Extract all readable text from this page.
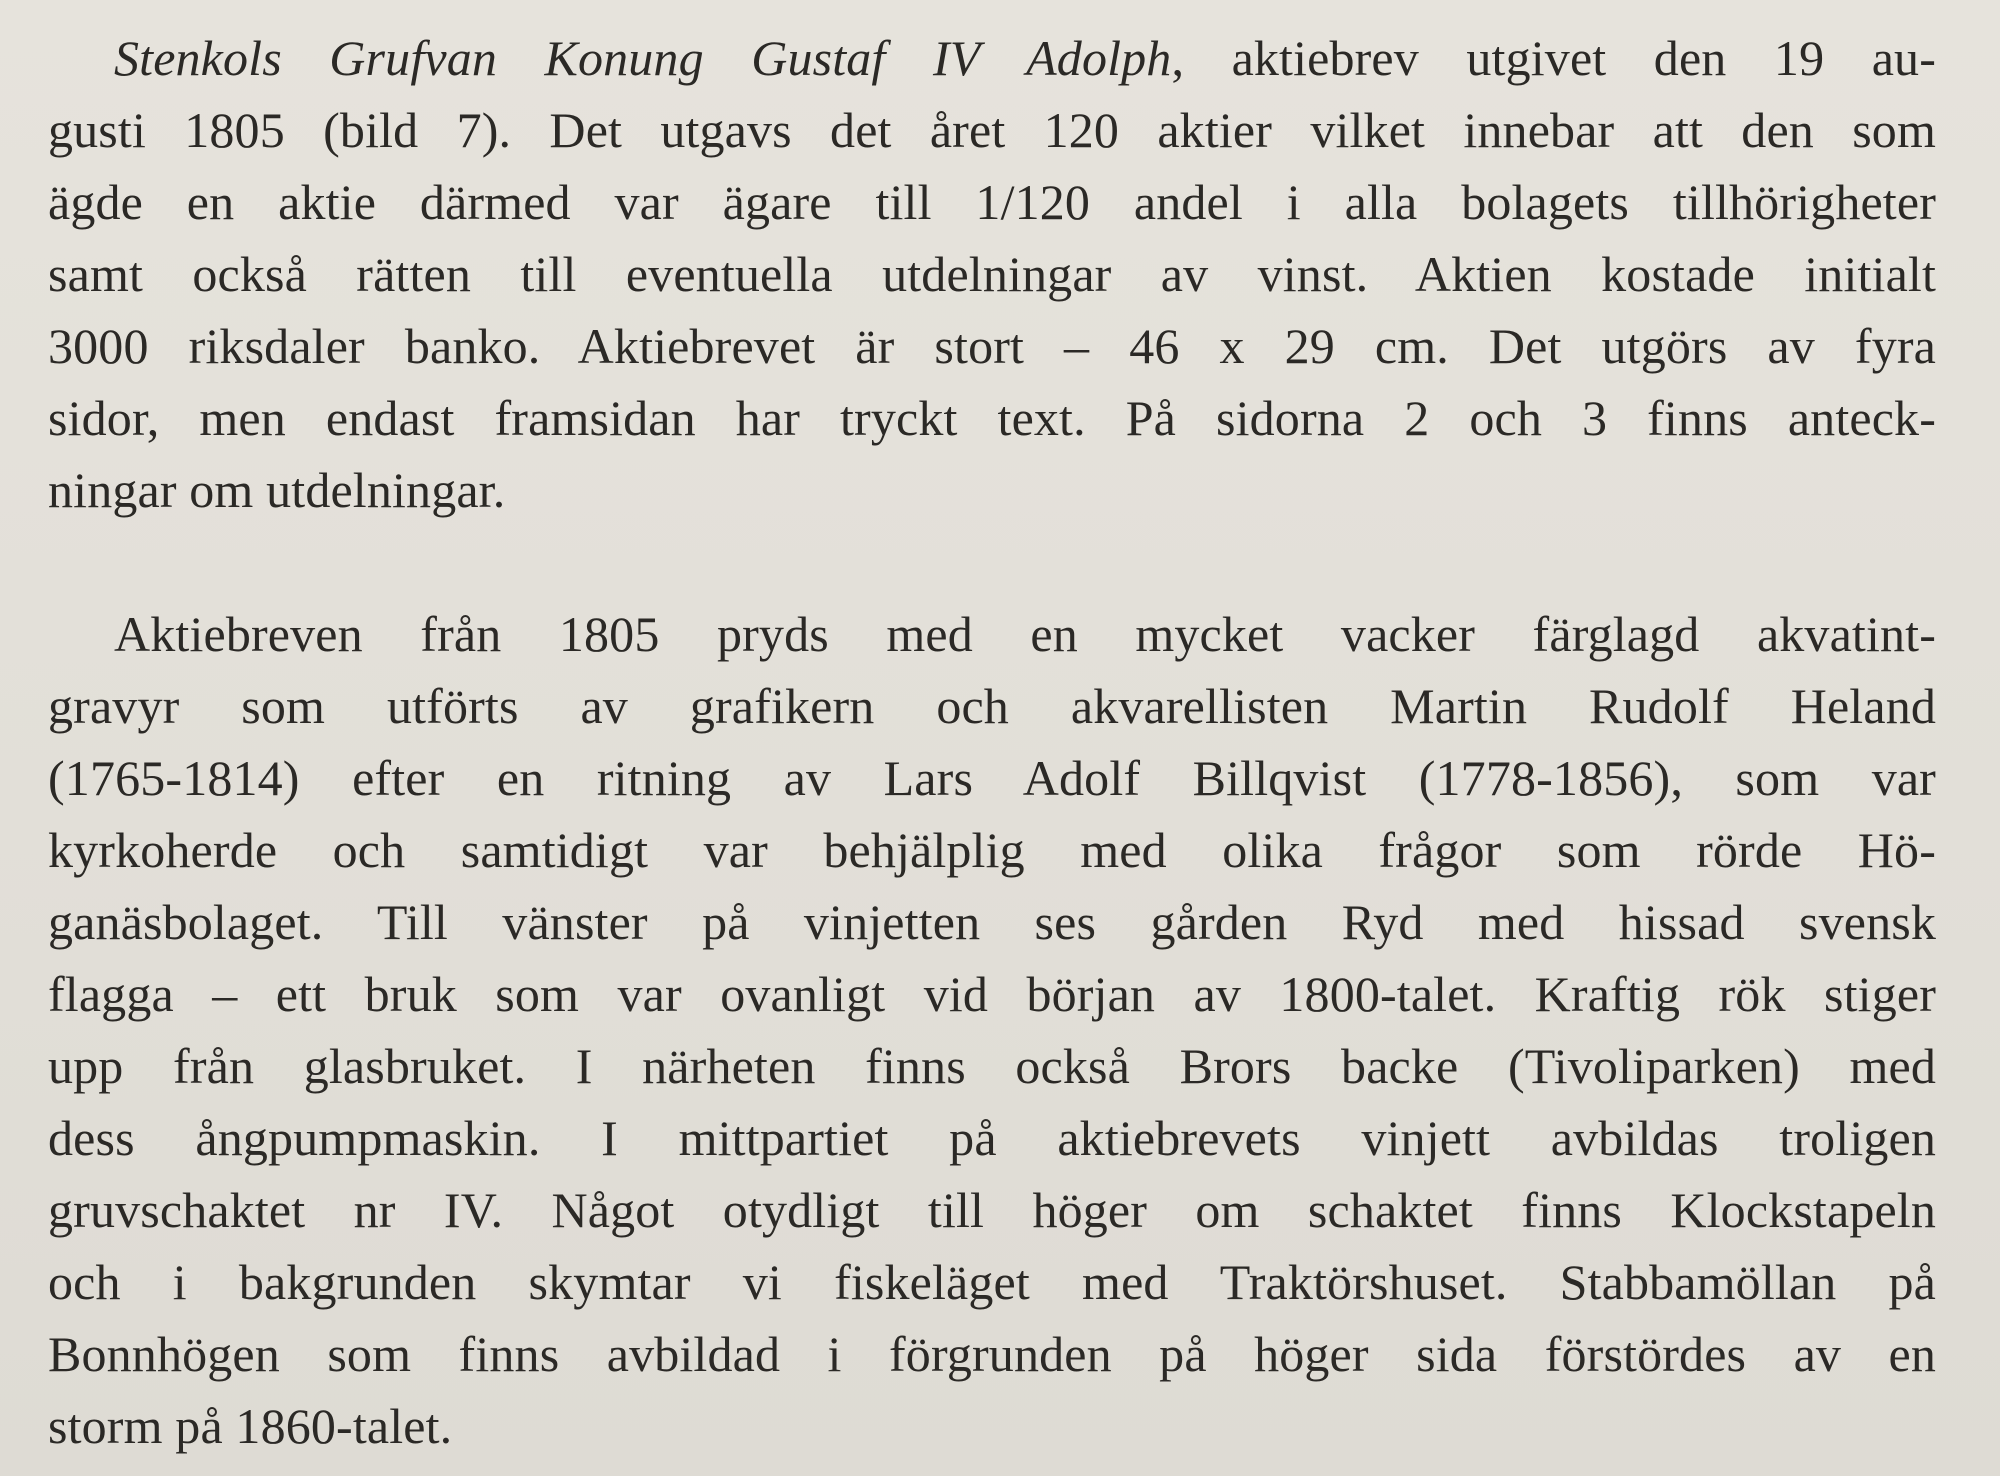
Stenkols Grufvan Konung Gustaf IV Adolph, aktiebrev utgivet den 19 au-
gusti 1805 (bild 7). Det utgavs det året 120 aktier vilket innebar att den som
ägde en aktie därmed var ägare till 1/120 andel i alla bolagets tillhörigheter
samt också rätten till eventuella utdelningar av vinst. Aktien kostade initialt
3000 riksdaler banko. Aktiebrevet är stort – 46 x 29 cm. Det utgörs av fyra
sidor, men endast framsidan har tryckt text. På sidorna 2 och 3 finns anteck-
ningar om utdelningar.
Aktiebreven från 1805 pryds med en mycket vacker färglagd akvatint-
gravyr som utförts av grafikern och akvarellisten Martin Rudolf Heland
(1765-1814) efter en ritning av Lars Adolf Billqvist (1778-1856), som var
kyrkoherde och samtidigt var behjälplig med olika frågor som rörde Hö-
ganäsbolaget. Till vänster på vinjetten ses gården Ryd med hissad svensk
flagga – ett bruk som var ovanligt vid början av 1800-talet. Kraftig rök stiger
upp från glasbruket. I närheten finns också Brors backe (Tivoliparken) med
dess ångpumpmaskin. I mittpartiet på aktiebrevets vinjett avbildas troligen
gruvschaktet nr IV. Något otydligt till höger om schaktet finns Klockstapeln
och i bakgrunden skymtar vi fiskeläget med Traktörshuset. Stabbamöllan på
Bonnhögen som finns avbildad i förgrunden på höger sida förstördes av en
storm på 1860-talet.
